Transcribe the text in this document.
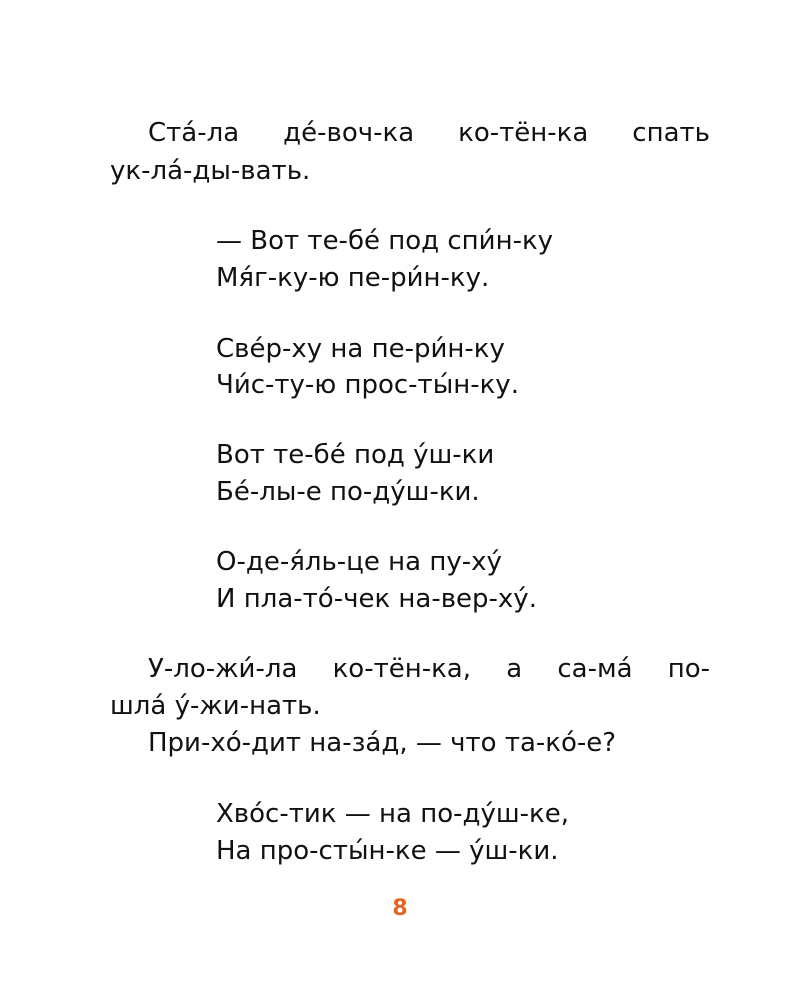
Ста́-ла де́-воч-ка ко-тён-ка спать
ук-ла́-ды-вать.
— Вот те-бе́ под спи́н-ку
Мя́г-ку-ю пе-ри́н-ку.
Све́р-ху на пе-ри́н-ку
Чи́с-ту-ю прос-ты́н-ку.
Вот те-бе́ под у́ш-ки
Бе́-лы-е по-ду́ш-ки.
О-де-я́ль-це на пу-ху́
И пла-то́-чек на-вер-ху́.
У-ло-жи́-ла ко-тён-ка, а са-ма́ по-
шла́ у́-жи-нать.
При-хо́-дит на-за́д, — что та-ко́-е?
Хво́с-тик — на по-ду́ш-ке,
На про-сты́н-ке — у́ш-ки.
8
